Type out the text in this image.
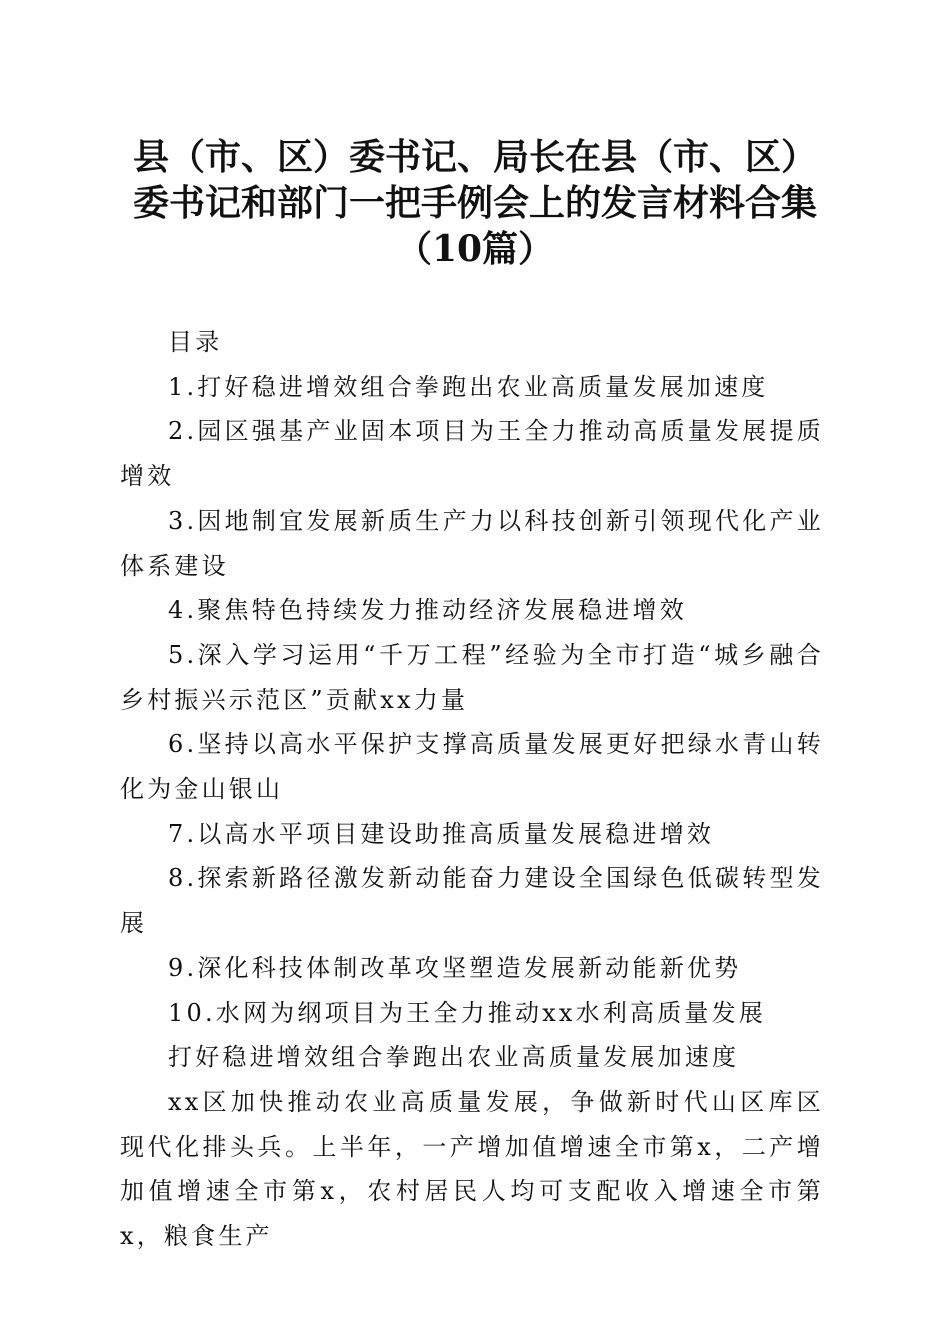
县（市、区）委书记、局长在县（市、区）委书记和部门一把手例会上的发言材料合集（10篇）

目录

1.打好稳进增效组合拳跑出农业高质量发展加速度

2.园区强基产业固本项目为王全力推动高质量发展提质增效

3.因地制宜发展新质生产力以科技创新引领现代化产业体系建设

4.聚焦特色持续发力推动经济发展稳进增效

5.深入学习运用“千万工程”经验为全市打造“城乡融合乡村振兴示范区”贡献xx力量

6.坚持以高水平保护支撑高质量发展更好把绿水青山转化为金山银山

7.以高水平项目建设助推高质量发展稳进增效

8.探索新路径激发新动能奋力建设全国绿色低碳转型发展

9.深化科技体制改革攻坚塑造发展新动能新优势

10.水网为纲项目为王全力推动xx水利高质量发展

打好稳进增效组合拳跑出农业高质量发展加速度

xx区加快推动农业高质量发展，争做新时代山区库区现代化排头兵。上半年，一产增加值增速全市第x，二产增加值增速全市第x，农村居民人均可支配收入增速全市第x，粮食生产
